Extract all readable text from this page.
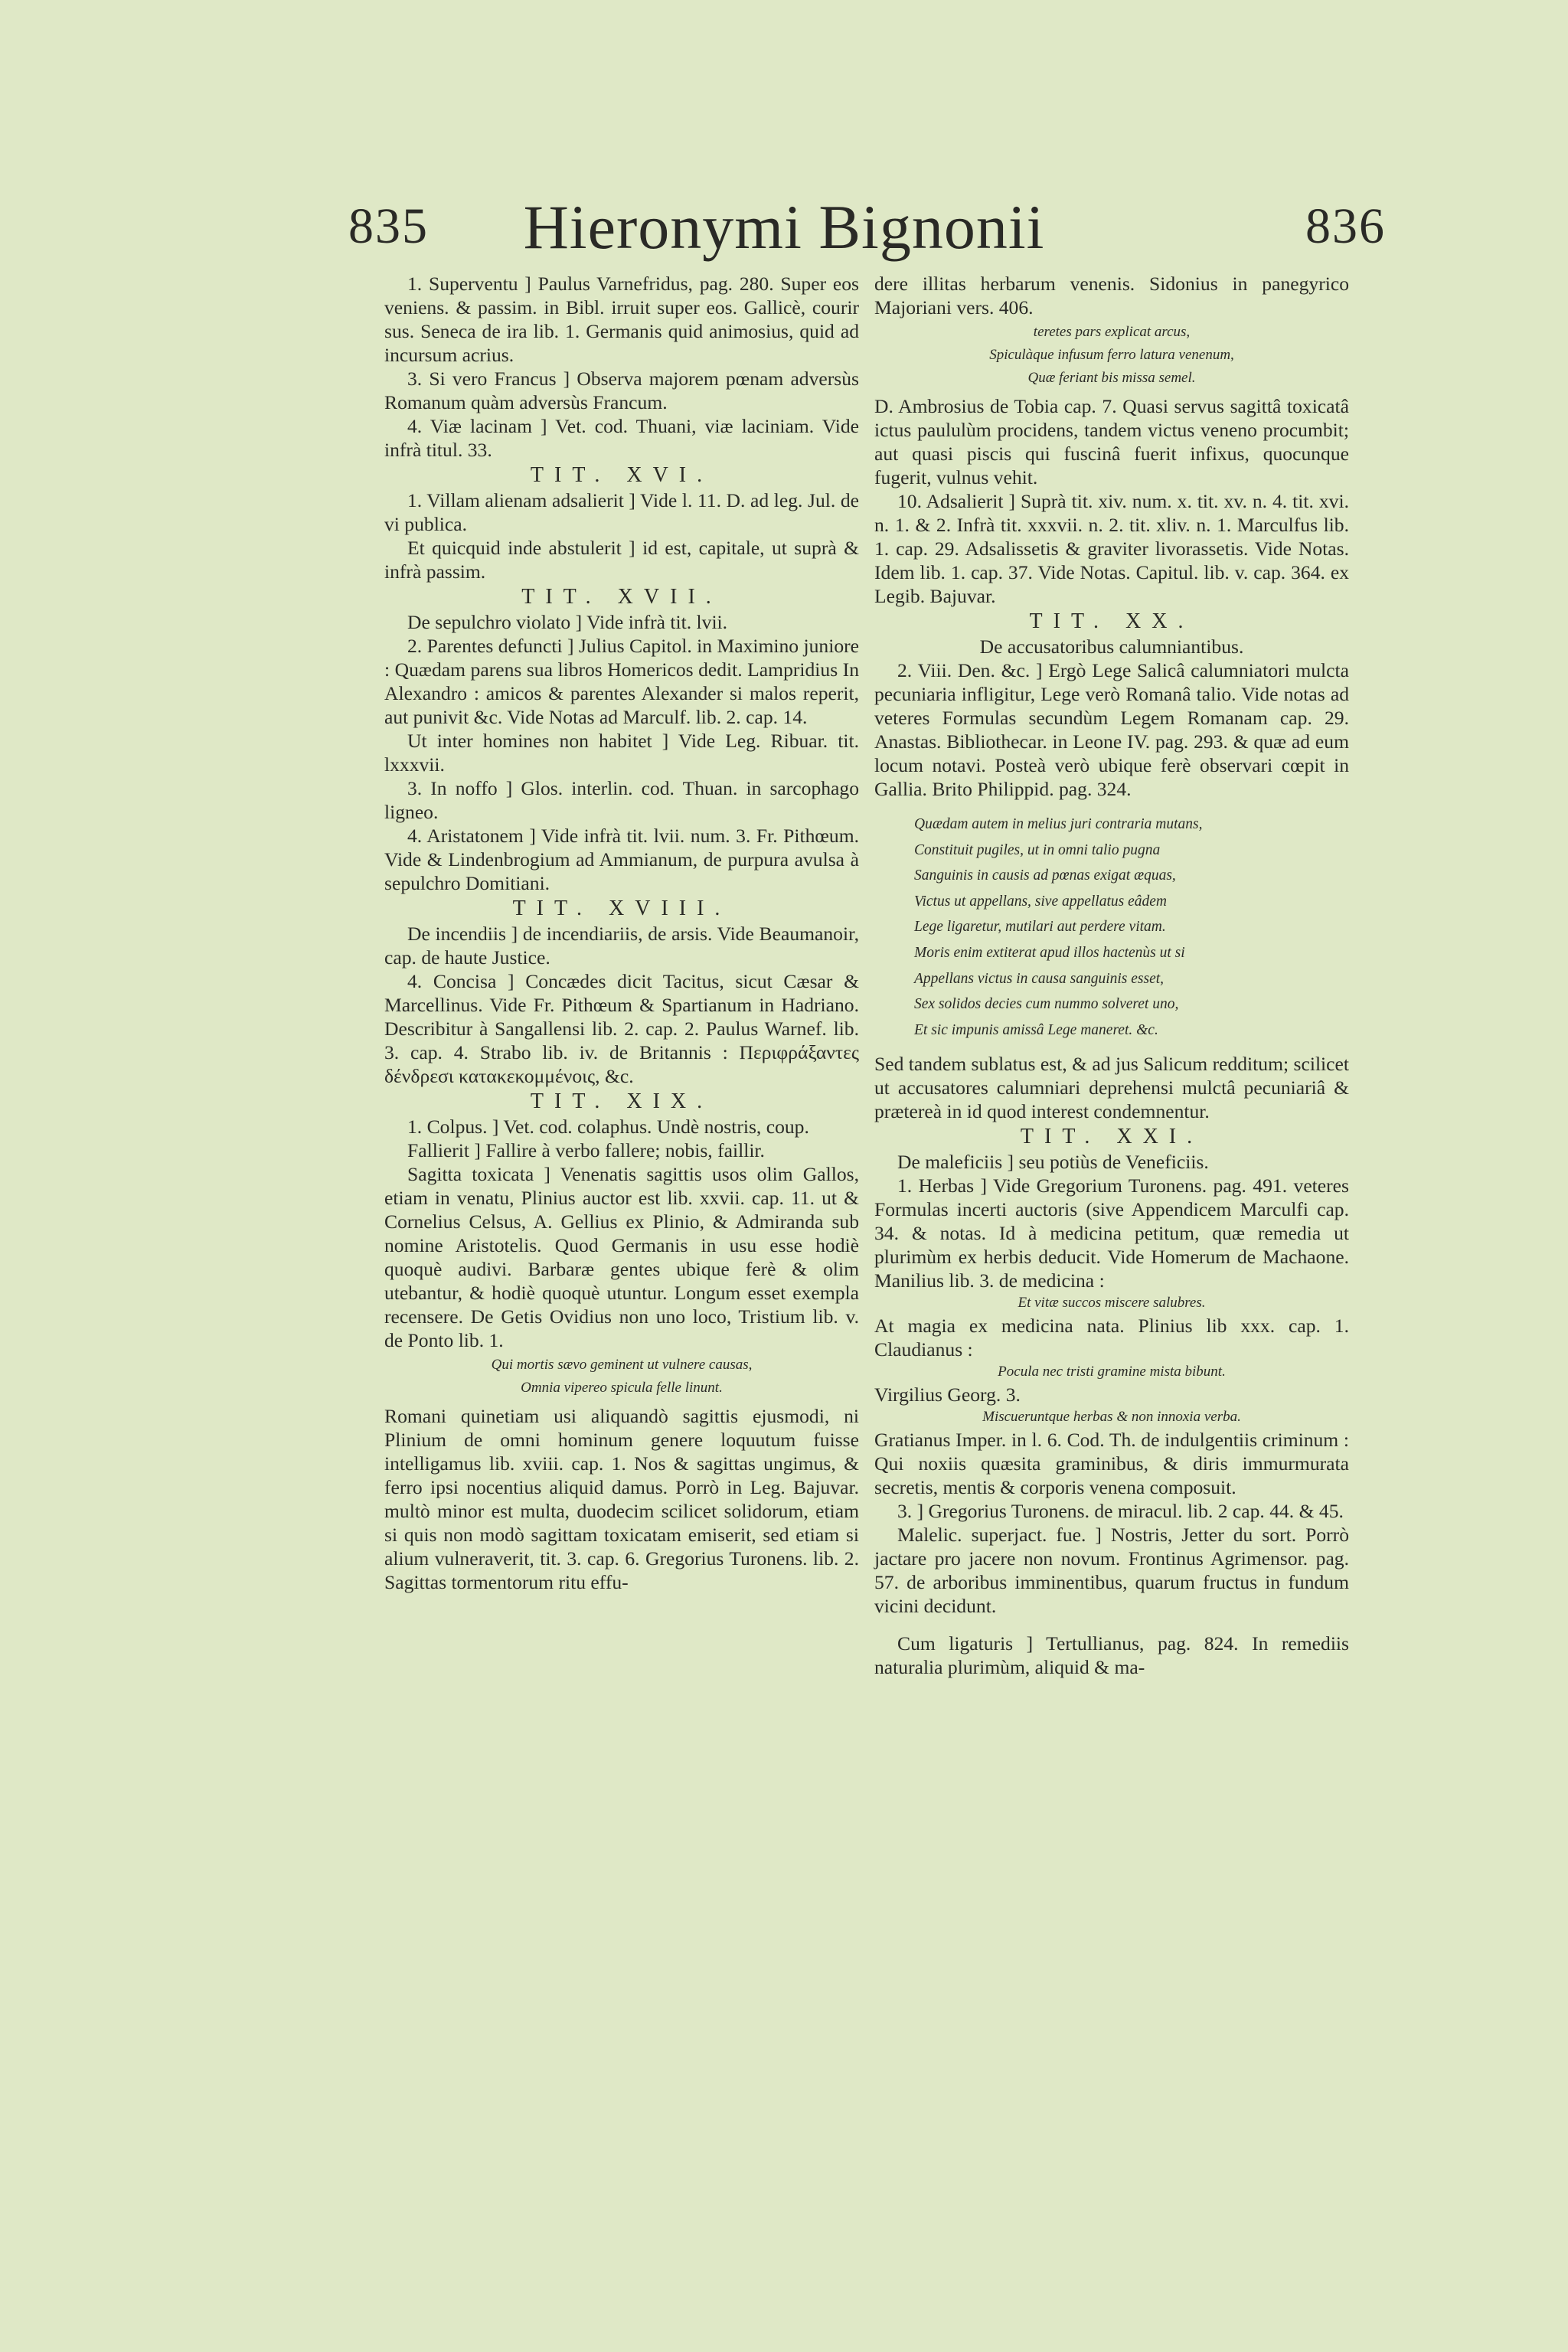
835	Hieronymi Bignonii	836

1. Superventu ] Paulus Varnefridus, pag. 280. Super eos veniens. & passim. in Bibl. irruit super eos. Gallicè, courir sus. Seneca de ira lib. 1. Germanis quid animosius, quid ad incursum acrius.

3. Si vero Francus ] Observa majorem pœnam adversùs Romanum quàm adversùs Francum.

4. Viæ lacinam ] Vet. cod. Thuani, viæ laciniam. Vide infrà titul. 33.

TIT. XVI.

1. Villam alienam adsalierit ] Vide l. 11. D. ad leg. Jul. de vi publica.

Et quicquid inde abstulerit ] id est, capitale, ut suprà & infrà passim.

TIT. XVII.

De sepulchro violato ] Vide infrà tit. lvii.

2. Parentes defuncti ] Julius Capitol. in Maximino juniore : Quædam parens sua libros Homericos dedit. Lampridius In Alexandro : amicos & parentes Alexander si malos reperit, aut punivit &c. Vide Notas ad Marculf. lib. 2. cap. 14.

Ut inter homines non habitet ] Vide Leg. Ribuar. tit. lxxxvii.

3. In noffo ] Glos. interlin. cod. Thuan. in sarcophago ligneo.

4. Aristatonem ] Vide infrà tit. lvii. num. 3. Fr. Pithœum. Vide & Lindenbrogium ad Ammianum, de purpura avulsa à sepulchro Domitiani.

TIT. XVIII.

De incendiis ] de incendiariis, de arsis. Vide Beaumanoir, cap. de haute Justice.

4. Concisa ] Concædes dicit Tacitus, sicut Cæsar & Marcellinus. Vide Fr. Pithœum & Spartianum in Hadriano. Describitur à Sangallensi lib. 2. cap. 2. Paulus Warnef. lib. 3. cap. 4. Strabo lib. iv. de Britannis : Περιφράξαντες δένδρεσι κατακεκομμένοις, &c.

TIT. XIX.

1. Colpus. ] Vet. cod. colaphus. Undè nostris, coup.

Fallierit ] Fallire à verbo fallere; nobis, faillir.

Sagitta toxicata ] Venenatis sagittis usos olim Gallos, etiam in venatu, Plinius auctor est lib. xxvii. cap. 11. ut & Cornelius Celsus, A. Gellius ex Plinio, & Admiranda sub nomine Aristotelis. Quod Germanis in usu esse hodiè quoquè audivi. Barbaræ gentes ubique ferè & olim utebantur, & hodiè quoquè utuntur. Longum esset exempla recensere. De Getis Ovidius non uno loco, Tristium lib. v. de Ponto lib. 1.

Qui mortis sævo geminent ut vulnere causas,
Omnia vipereo spicula felle linunt.

Romani quinetiam usi aliquandò sagittis ejusmodi, ni Plinium de omni hominum genere loquutum fuisse intelligamus lib. xviii. cap. 1. Nos & sagittas ungimus, & ferro ipsi nocentius aliquid damus. Porrò in Leg. Bajuvar. multò minor est multa, duodecim scilicet solidorum, etiam si quis non modò sagittam toxicatam emiserit, sed etiam si alium vulneraverit, tit. 3. cap. 6. Gregorius Turonens. lib. 2. Sagittas tormentorum ritu effu-

dere illitas herbarum venenis. Sidonius in panegyrico Majoriani vers. 406.

teretes pars explicat arcus,
Spiculàque infusum ferro latura venenum,
Quæ feriant bis missa semel.

D. Ambrosius de Tobia cap. 7. Quasi servus sagittâ toxicatâ ictus paululùm procidens, tandem victus veneno procumbit; aut quasi piscis qui fuscinâ fuerit infixus, quocunque fugerit, vulnus vehit.

10. Adsalierit ] Suprà tit. xiv. num. x. tit. xv. n. 4. tit. xvi. n. 1. & 2. Infrà tit. xxxvii. n. 2. tit. xliv. n. 1. Marculfus lib. 1. cap. 29. Adsalissetis & graviter livorassetis. Vide Notas. Idem lib. 1. cap. 37. Vide Notas. Capitul. lib. v. cap. 364. ex Legib. Bajuvar.

TIT. XX.
De accusatoribus calumniantibus.

2. Viii. Den. &c. ] Ergò Lege Salicâ calumniatori mulcta pecuniaria infligitur, Lege verò Romanâ talio. Vide notas ad veteres Formulas secundùm Legem Romanam cap. 29. Anastas. Bibliothecar. in Leone IV. pag. 293. & quæ ad eum locum notavi. Posteà verò ubique ferè observari cœpit in Gallia. Brito Philippid. pag. 324.

Quædam autem in melius juri contraria mutans,
Constituit pugiles, ut in omni talio pugna
Sanguinis in causis ad pœnas exigat æquas,
Victus ut appellans, sive appellatus eâdem
Lege ligaretur, mutilari aut perdere vitam.
Moris enim extiterat apud illos hactenùs ut si
Appellans victus in causa sanguinis esset,
Sex solidos decies cum nummo solveret uno,
Et sic impunis amissâ Lege maneret. &c.

Sed tandem sublatus est, & ad jus Salicum redditum; scilicet ut accusatores calumniari deprehensi mulctâ pecuniariâ & prætereà in id quod interest condemnentur.

TIT. XXI.

De maleficiis ] seu potiùs de Veneficiis.

1. Herbas ] Vide Gregorium Turonens. pag. 491. veteres Formulas incerti auctoris (sive Appendicem Marculfi cap. 34. & notas. Id à medicina petitum, quæ remedia ut plurimùm ex herbis deducit. Vide Homerum de Machaone. Manilius lib. 3. de medicina :

Et vitæ succos miscere salubres.

At magia ex medicina nata. Plinius lib xxx. cap. 1. Claudianus :

Pocula nec tristi gramine mista bibunt.

Virgilius Georg. 3.

Miscueruntque herbas & non innoxia verba.

Gratianus Imper. in l. 6. Cod. Th. de indulgentiis criminum : Qui noxiis quæsita graminibus, & diris immurmurata secretis, mentis & corporis venena composuit.

3. ] Gregorius Turonens. de miracul. lib. 2 cap. 44. & 45.

Malelic. superjact. fue. ] Nostris, Jetter du sort. Porrò jactare pro jacere non novum. Frontinus Agrimensor. pag. 57. de arboribus imminentibus, quarum fructus in fundum vicini decidunt.

Cum ligaturis ] Tertullianus, pag. 824. In remediis naturalia plurimùm, aliquid & ma-
